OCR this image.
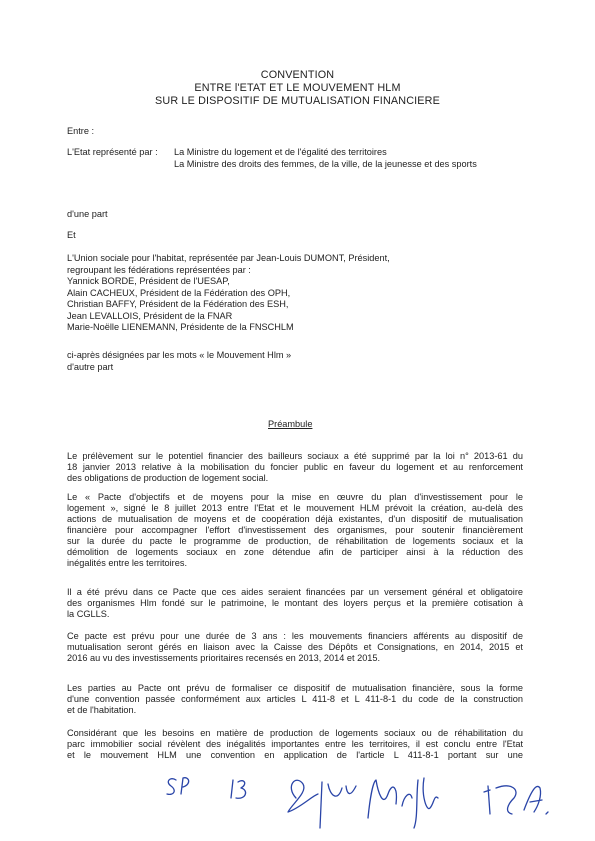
CONVENTION
ENTRE l'ETAT ET LE MOUVEMENT HLM
SUR LE DISPOSITIF DE MUTUALISATION FINANCIERE
Entre :
L'Etat représenté par : La Ministre du logement et de l'égalité des territoires
La Ministre des droits des femmes, de la ville, de la jeunesse et des sports
d'une part
Et
L'Union sociale pour l'habitat, représentée par Jean-Louis DUMONT, Président,
regroupant les fédérations représentées par :
Yannick BORDE, Président de l'UESAP,
Alain CACHEUX, Président de la Fédération des OPH,
Christian BAFFY, Président de la Fédération des ESH,
Jean LEVALLOIS, Président de la FNAR
Marie-Noëlle LIENEMANN, Présidente de la FNSCHLM
ci-après désignées par les mots « le Mouvement Hlm »
d'autre part
Préambule
Le prélèvement sur le potentiel financier des bailleurs sociaux a été supprimé par la loi n° 2013-61 du
18 janvier 2013 relative à la mobilisation du foncier public en faveur du logement et au renforcement
des obligations de production de logement social.
Le « Pacte d'objectifs et de moyens pour la mise en œuvre du plan d'investissement pour le
logement », signé le 8 juillet 2013 entre l'Etat et le mouvement HLM prévoit la création, au-delà des
actions de mutualisation de moyens et de coopération déjà existantes, d'un dispositif de mutualisation
financière pour accompagner l'effort d'investissement des organismes, pour soutenir financièrement
sur la durée du pacte le programme de production, de réhabilitation de logements sociaux et la
démolition de logements sociaux en zone détendue afin de participer ainsi à la réduction des
inégalités entre les territoires.
Il a été prévu dans ce Pacte que ces aides seraient financées par un versement général et obligatoire
des organismes Hlm fondé sur le patrimoine, le montant des loyers perçus et la première cotisation à
la CGLLS.
Ce pacte est prévu pour une durée de 3 ans : les mouvements financiers afférents au dispositif de
mutualisation seront gérés en liaison avec la Caisse des Dépôts et Consignations, en 2014, 2015 et
2016 au vu des investissements prioritaires recensés en 2013, 2014 et 2015.
Les parties au Pacte ont prévu de formaliser ce dispositif de mutualisation financière, sous la forme
d'une convention passée conformément aux articles L 411-8 et L 411-8-1 du code de la construction
et de l'habitation.
Considérant que les besoins en matière de production de logements sociaux ou de réhabilitation du
parc immobilier social révèlent des inégalités importantes entre les territoires, il est conclu entre l'Etat
et le mouvement HLM une convention en application de l'article L 411-8-1 portant sur une
SP	13
